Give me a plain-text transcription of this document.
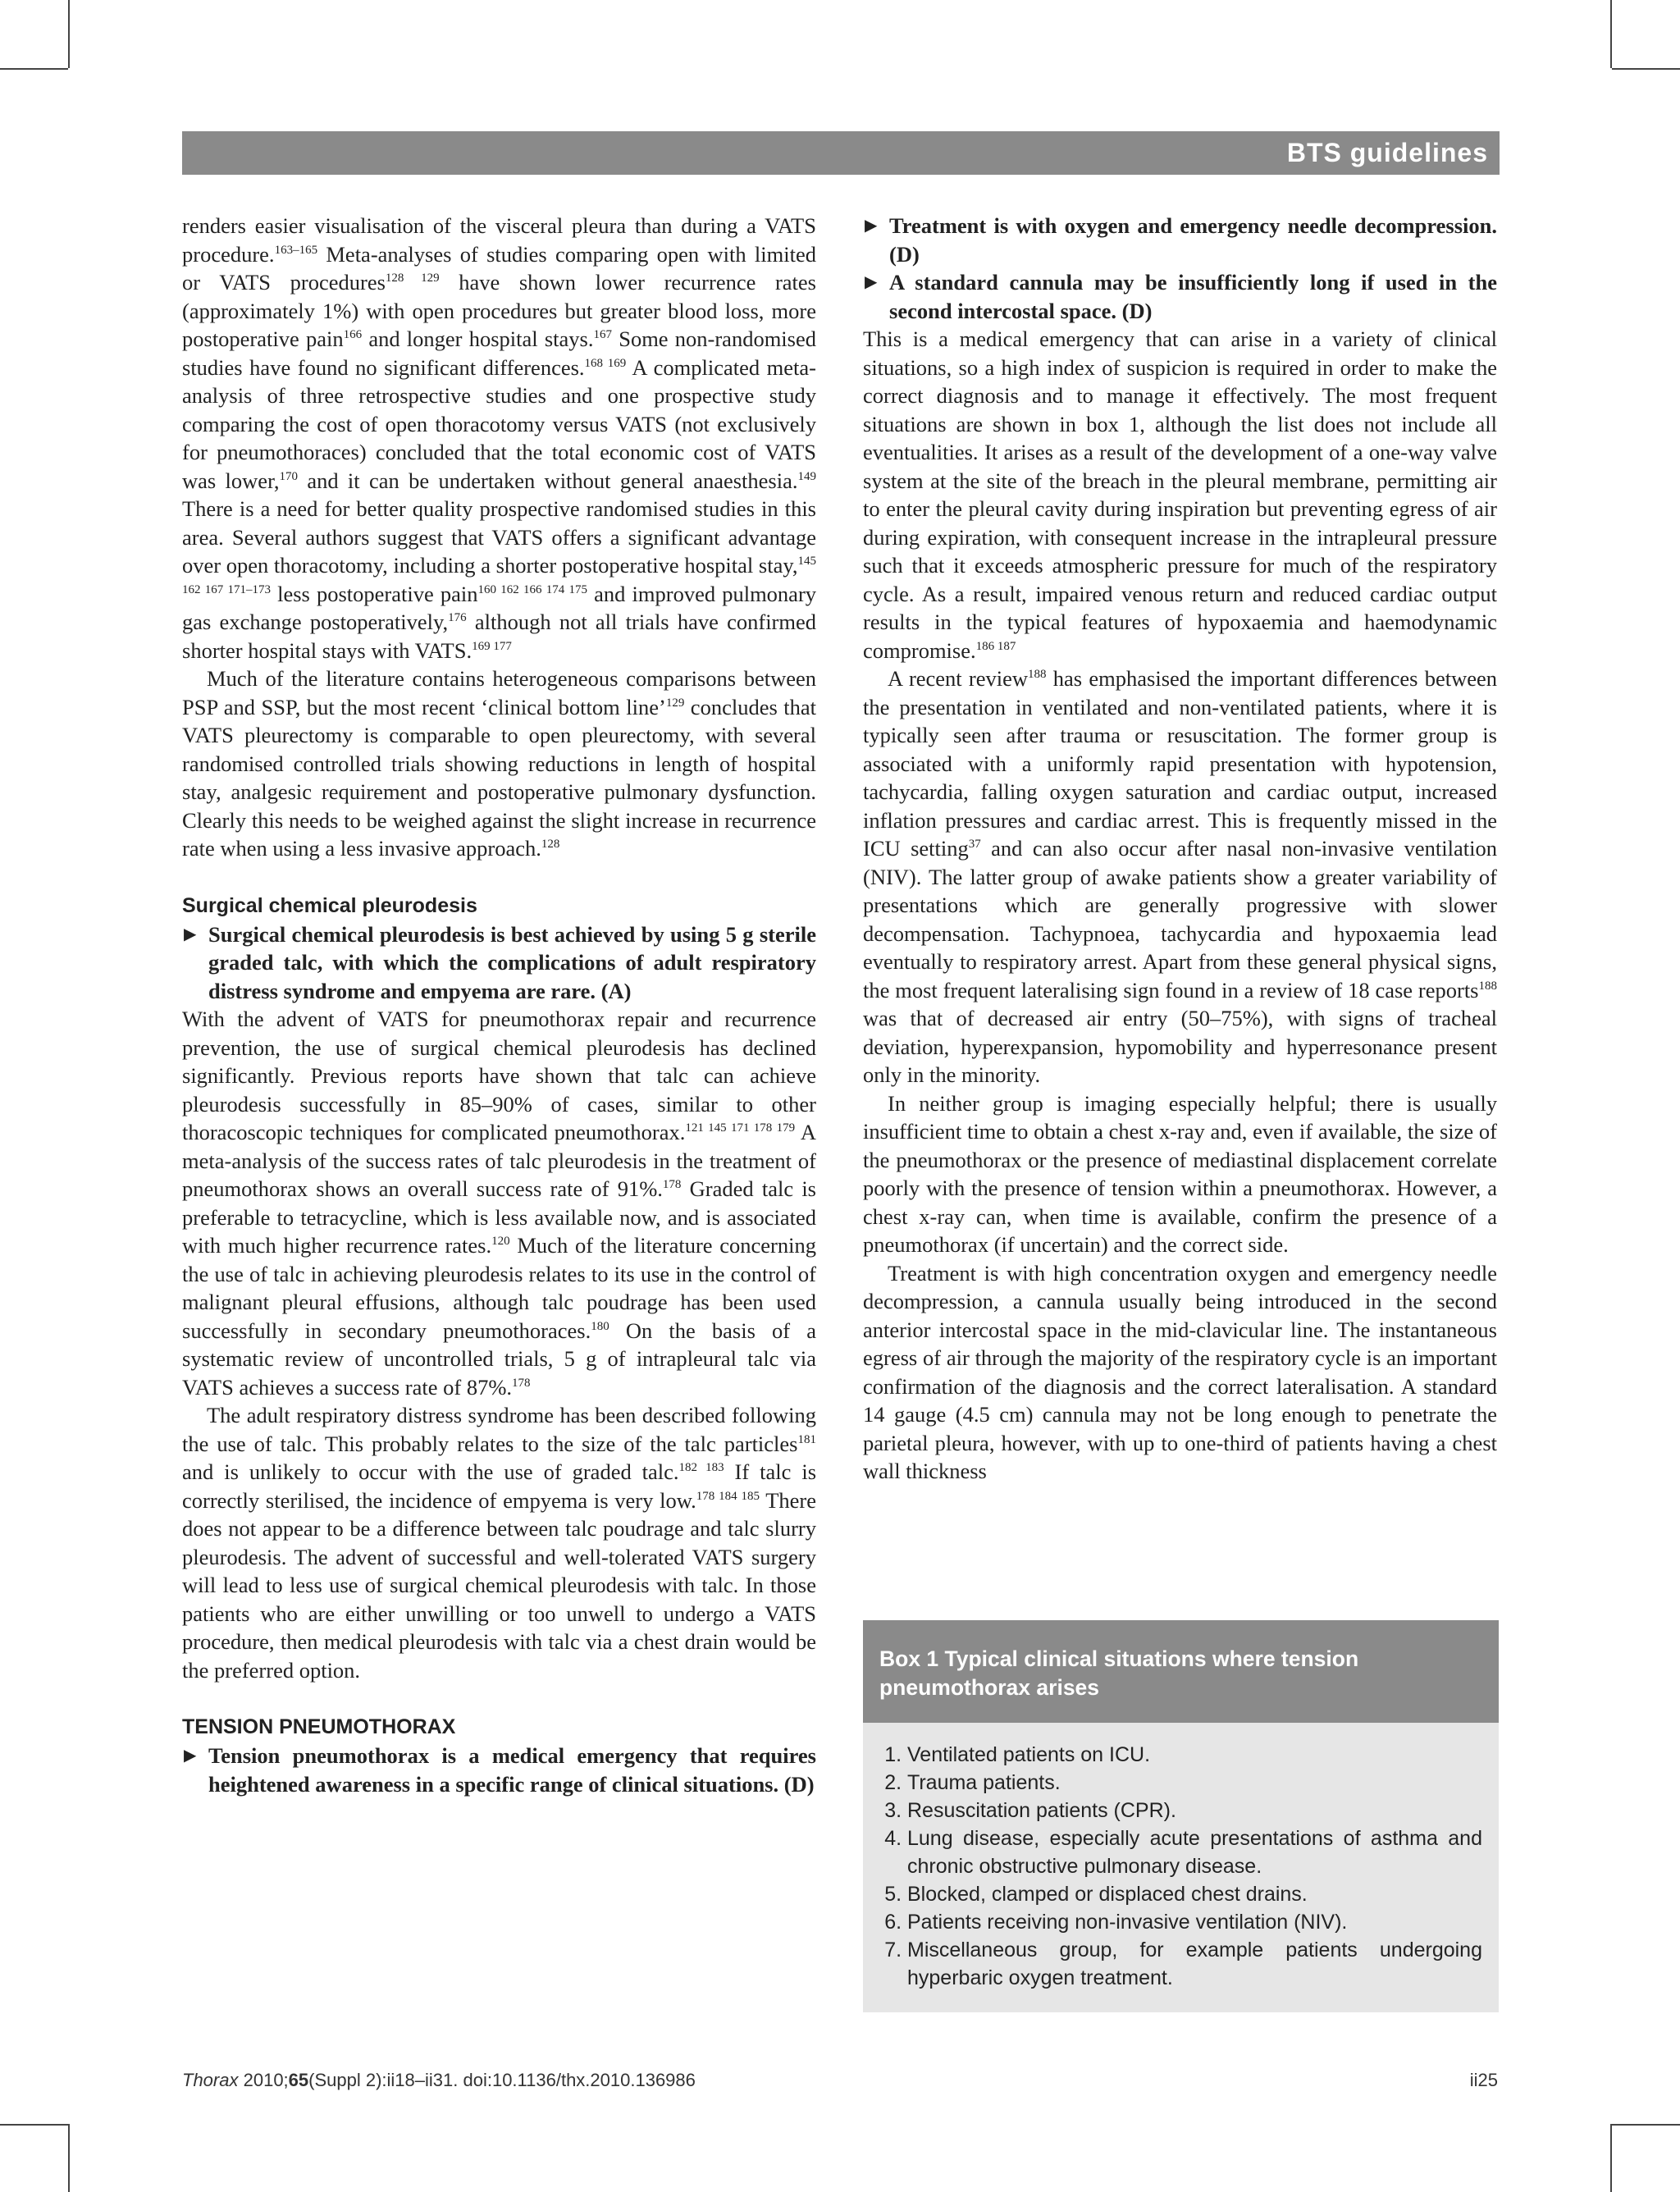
BTS guidelines

renders easier visualisation of the visceral pleura than during a VATS procedure.$^{163-165}$ Meta-analyses of studies comparing open with limited or VATS procedures$^{128 129}$ have shown lower recurrence rates (approximately 1%) with open procedures but greater blood loss, more postoperative pain$^{166}$ and longer hospital stays.$^{167}$ Some non-randomised studies have found no significant differences.$^{168 169}$ A complicated meta-analysis of three retrospective studies and one prospective study comparing the cost of open thoracotomy versus VATS (not exclusively for pneumothoraces) concluded that the total economic cost of VATS was lower,$^{170}$ and it can be undertaken without general anaesthesia.$^{149}$ There is a need for better quality prospective randomised studies in this area. Several authors suggest that VATS offers a significant advantage over open thoracotomy, including a shorter postoperative hospital stay,$^{145 162 167 171-173}$ less postoperative pain$^{160 162 166 174 175}$ and improved pulmonary gas exchange postoperatively,$^{176}$ although not all trials have confirmed shorter hospital stays with VATS.$^{169 177}$

Much of the literature contains heterogeneous comparisons between PSP and SSP, but the most recent ‘clinical bottom line’$^{129}$ concludes that VATS pleurectomy is comparable to open pleurectomy, with several randomised controlled trials showing reductions in length of hospital stay, analgesic requirement and postoperative pulmonary dysfunction. Clearly this needs to be weighed against the slight increase in recurrence rate when using a less invasive approach.$^{128}$

Surgical chemical pleurodesis
▶ Surgical chemical pleurodesis is best achieved by using 5 g sterile graded talc, with which the complications of adult respiratory distress syndrome and empyema are rare. (A)

With the advent of VATS for pneumothorax repair and recurrence prevention, the use of surgical chemical pleurodesis has declined significantly. Previous reports have shown that talc can achieve pleurodesis successfully in 85–90% of cases, similar to other thoracoscopic techniques for complicated pneumothorax.$^{121 145 171 178 179}$ A meta-analysis of the success rates of talc pleurodesis in the treatment of pneumothorax shows an overall success rate of 91%.$^{178}$ Graded talc is preferable to tetracycline, which is less available now, and is associated with much higher recurrence rates.$^{120}$ Much of the literature concerning the use of talc in achieving pleurodesis relates to its use in the control of malignant pleural effusions, although talc poudrage has been used successfully in secondary pneumothoraces.$^{180}$ On the basis of a systematic review of uncontrolled trials, 5 g of intrapleural talc via VATS achieves a success rate of 87%.$^{178}$

The adult respiratory distress syndrome has been described following the use of talc. This probably relates to the size of the talc particles$^{181}$ and is unlikely to occur with the use of graded talc.$^{182 183}$ If talc is correctly sterilised, the incidence of empyema is very low.$^{178 184 185}$ There does not appear to be a difference between talc poudrage and talc slurry pleurodesis. The advent of successful and well-tolerated VATS surgery will lead to less use of surgical chemical pleurodesis with talc. In those patients who are either unwilling or too unwell to undergo a VATS procedure, then medical pleurodesis with talc via a chest drain would be the preferred option.

TENSION PNEUMOTHORAX
▶ Tension pneumothorax is a medical emergency that requires heightened awareness in a specific range of clinical situations. (D)
▶ Treatment is with oxygen and emergency needle decompression. (D)
▶ A standard cannula may be insufficiently long if used in the second intercostal space. (D)

This is a medical emergency that can arise in a variety of clinical situations, so a high index of suspicion is required in order to make the correct diagnosis and to manage it effectively. The most frequent situations are shown in box 1, although the list does not include all eventualities. It arises as a result of the development of a one-way valve system at the site of the breach in the pleural membrane, permitting air to enter the pleural cavity during inspiration but preventing egress of air during expiration, with consequent increase in the intrapleural pressure such that it exceeds atmospheric pressure for much of the respiratory cycle. As a result, impaired venous return and reduced cardiac output results in the typical features of hypoxaemia and haemodynamic compromise.$^{186 187}$

A recent review$^{188}$ has emphasised the important differences between the presentation in ventilated and non-ventilated patients, where it is typically seen after trauma or resuscitation. The former group is associated with a uniformly rapid presentation with hypotension, tachycardia, falling oxygen saturation and cardiac output, increased inflation pressures and cardiac arrest. This is frequently missed in the ICU setting$^{37}$ and can also occur after nasal non-invasive ventilation (NIV). The latter group of awake patients show a greater variability of presentations which are generally progressive with slower decompensation. Tachypnoea, tachycardia and hypoxaemia lead eventually to respiratory arrest. Apart from these general physical signs, the most frequent lateralising sign found in a review of 18 case reports$^{188}$ was that of decreased air entry (50–75%), with signs of tracheal deviation, hyperexpansion, hypomobility and hyperresonance present only in the minority.

In neither group is imaging especially helpful; there is usually insufficient time to obtain a chest x-ray and, even if available, the size of the pneumothorax or the presence of mediastinal displacement correlate poorly with the presence of tension within a pneumothorax. However, a chest x-ray can, when time is available, confirm the presence of a pneumothorax (if uncertain) and the correct side.

Treatment is with high concentration oxygen and emergency needle decompression, a cannula usually being introduced in the second anterior intercostal space in the mid-clavicular line. The instantaneous egress of air through the majority of the respiratory cycle is an important confirmation of the diagnosis and the correct lateralisation. A standard 14 gauge (4.5 cm) cannula may not be long enough to penetrate the parietal pleura, however, with up to one-third of patients having a chest wall thickness

Box 1 Typical clinical situations where tension pneumothorax arises
1. Ventilated patients on ICU.
2. Trauma patients.
3. Resuscitation patients (CPR).
4. Lung disease, especially acute presentations of asthma and chronic obstructive pulmonary disease.
5. Blocked, clamped or displaced chest drains.
6. Patients receiving non-invasive ventilation (NIV).
7. Miscellaneous group, for example patients undergoing hyperbaric oxygen treatment.
Thorax 2010;65(Suppl 2):ii18–ii31. doi:10.1136/thx.2010.136986	ii25
